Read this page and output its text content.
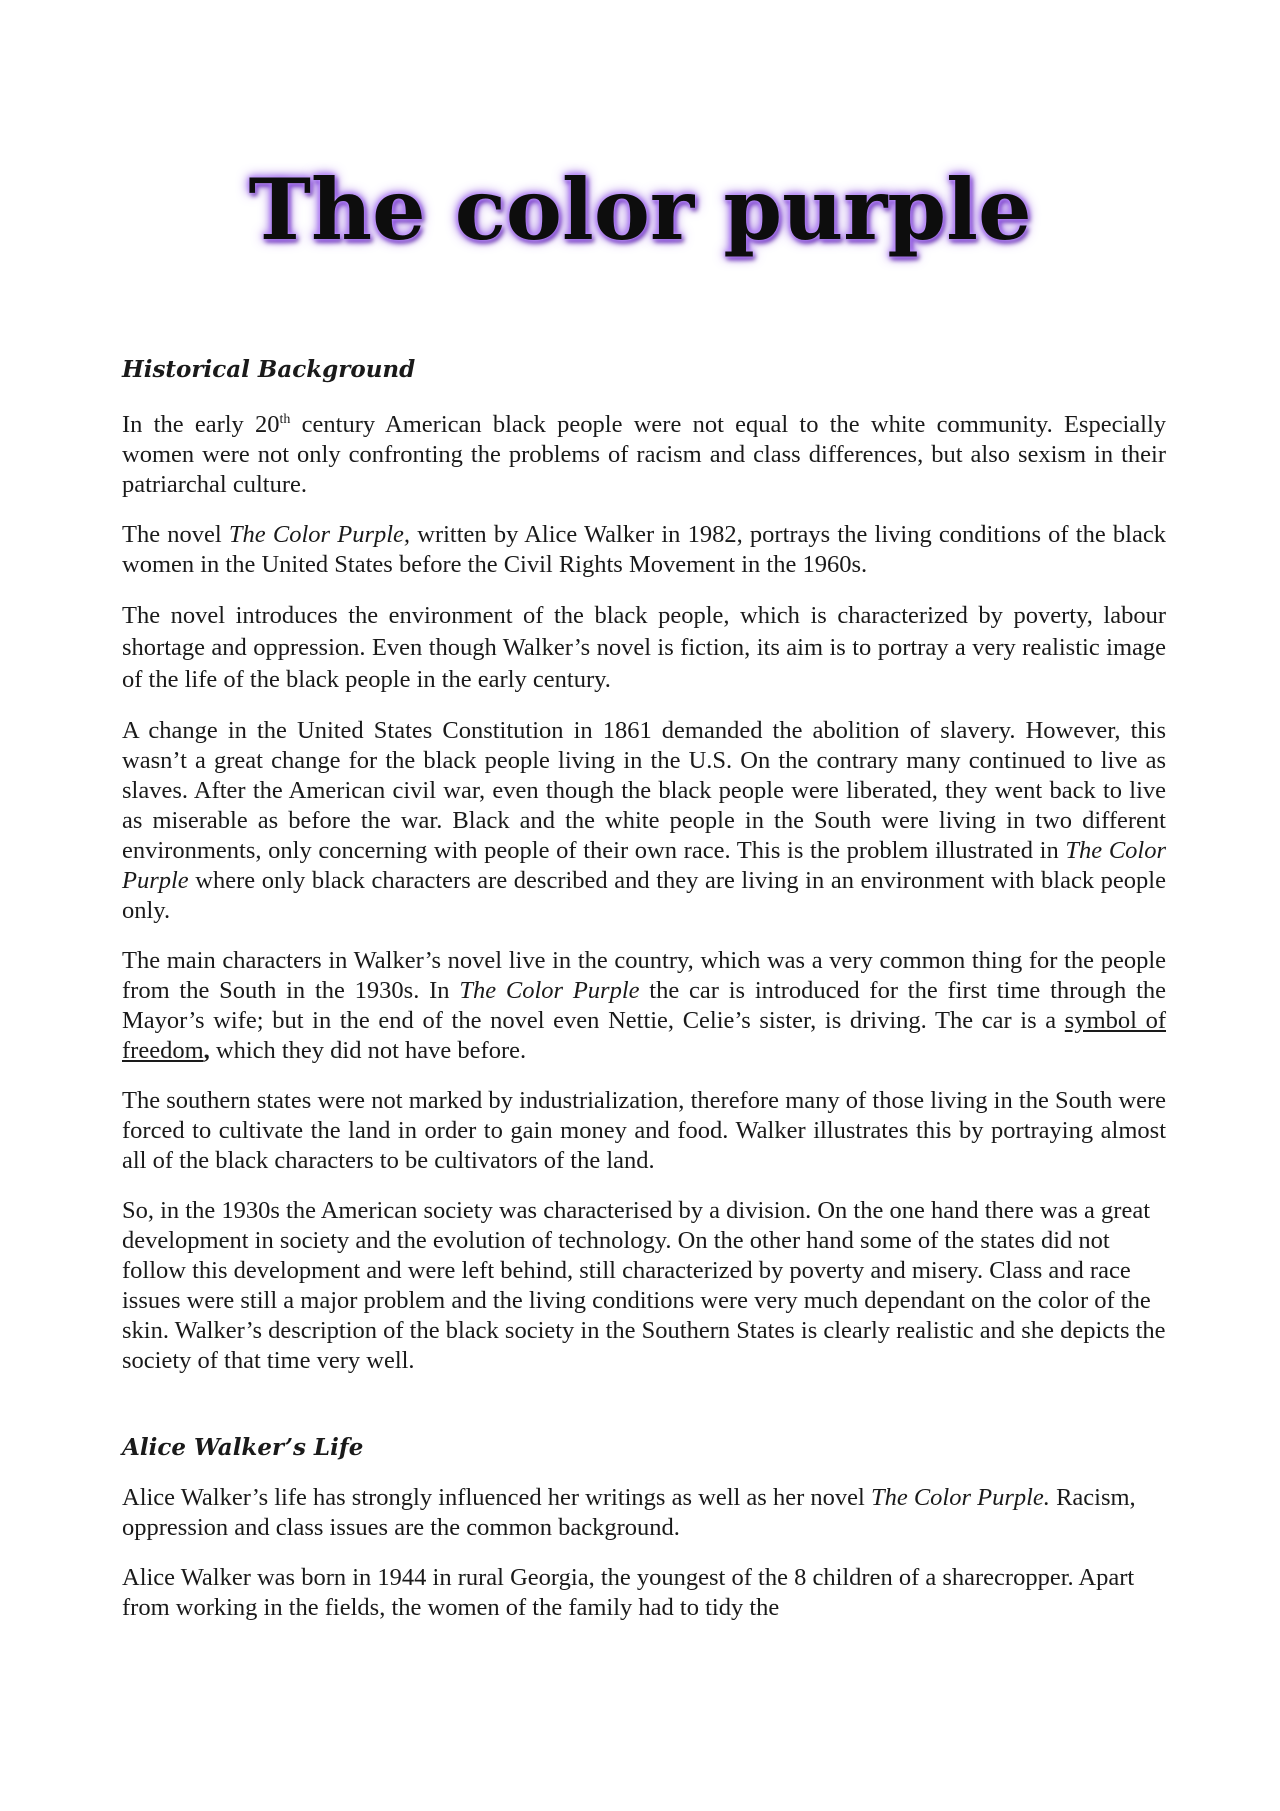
The color purple
Historical Background

In the early 20th century American black people were not equal to the white community. Especially women were not only confronting the problems of racism and class differences, but also sexism in their patriarchal culture.

The novel The Color Purple, written by Alice Walker in 1982, portrays the living conditions of the black women in the United States before the Civil Rights Movement in the 1960s.

The novel introduces the environment of the black people, which is characterized by poverty, labour shortage and oppression. Even though Walker’s novel is fiction, its aim is to portray a very realistic image of the life of the black people in the early century.

A change in the United States Constitution in 1861 demanded the abolition of slavery. However, this wasn’t a great change for the black people living in the U.S. On the contrary many continued to live as slaves. After the American civil war, even though the black people were liberated, they went back to live as miserable as before the war. Black and the white people in the South were living in two different environments, only concerning with people of their own race. This is the problem illustrated in The Color Purple where only black characters are described and they are living in an environment with black people only.

The main characters in Walker’s novel live in the country, which was a very common thing for the people from the South in the 1930s. In The Color Purple the car is introduced for the first time through the Mayor’s wife; but in the end of the novel even Nettie, Celie’s sister, is driving. The car is a symbol of freedom, which they did not have before.

The southern states were not marked by industrialization, therefore many of those living in the South were forced to cultivate the land in order to gain money and food. Walker illustrates this by portraying almost all of the black characters to be cultivators of the land.

So, in the 1930s the American society was characterised by a division. On the one hand there was a great development in society and the evolution of technology. On the other hand some of the states did not follow this development and were left behind, still characterized by poverty and misery. Class and race issues were still a major problem and the living conditions were very much dependant on the color of the skin. Walker’s description of the black society in the Southern States is clearly realistic and she depicts the society of that time very well.

Alice Walker’s Life

Alice Walker’s life has strongly influenced her writings as well as her novel The Color Purple. Racism, oppression and class issues are the common background.

Alice Walker was born in 1944 in rural Georgia, the youngest of the 8 children of a sharecropper. Apart from working in the fields, the women of the family had to tidy the
